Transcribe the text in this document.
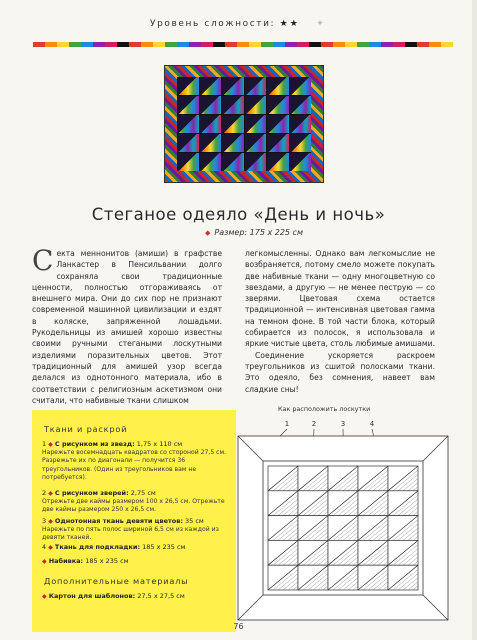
Уровень сложности: ★★ ✦
Стеганое одеяло «День и ночь»
◆ Размер: 175 х 225 см
С екта меннонитов (амиши) в графстве Ланкастер в Пенсильвании долго сохраняла свои традиционные ценности, полностью отгораживаясь от внешнего мира. Они до сих пор не признают современной машинной цивилизации и ездят в коляске, запряженной лошадьми. Рукодельницы из амишей хорошо известны своими ручными стегаными лоскутными изделиями поразительных цветов. Этот традиционный для амишей узор всегда делался из однотонного материала, ибо в соответствии с религиозным аскетизмом они считали, что набивные ткани слишком

легкомысленны. Однако вам легкомыслие не возбраняется, потому смело можете покупать две набивные ткани — одну многоцветную со звездами, а другую — не менее пеструю — со зверями. Цветовая схема остается традиционной — интенсивная цветовая гамма на темном фоне. В той части блока, который собирается из полосок, я использовала и яркие чистые цвета, столь любимые амишами.

Соединение ускоряется раскроем треугольников из сшитой полосками ткани. Это одеяло, без сомнения, навеет вам сладкие сны!

Ткани и раскрой
1 ◆ С рисунком из звезд: 1,75 х 110 см
Нарежьте восемнадцать квадратов со стороной 27,5 см. Разрежьте их по диагонали — получится 36 треугольников. (Один из треугольников вам не потребуется).
2 ◆ С рисунком зверей: 2,75 см
Отрежьте две каймы размером 100 х 26,5 см. Отрежьте две каймы размером 250 х 26,5 см.
3 ◆ Однотонная ткань девяти цветов: 35 см
Нарежьте по пять полос шириной 6,5 см из каждой из девяти тканей.
4 ◆ Ткань для подкладки: 185 х 235 см
◆ Набивка: 185 х 235 см
Дополнительные материалы
◆ Картон для шаблонов: 27,5 х 27,5 см
Как расположить лоскутки
1	2	3	4
76
